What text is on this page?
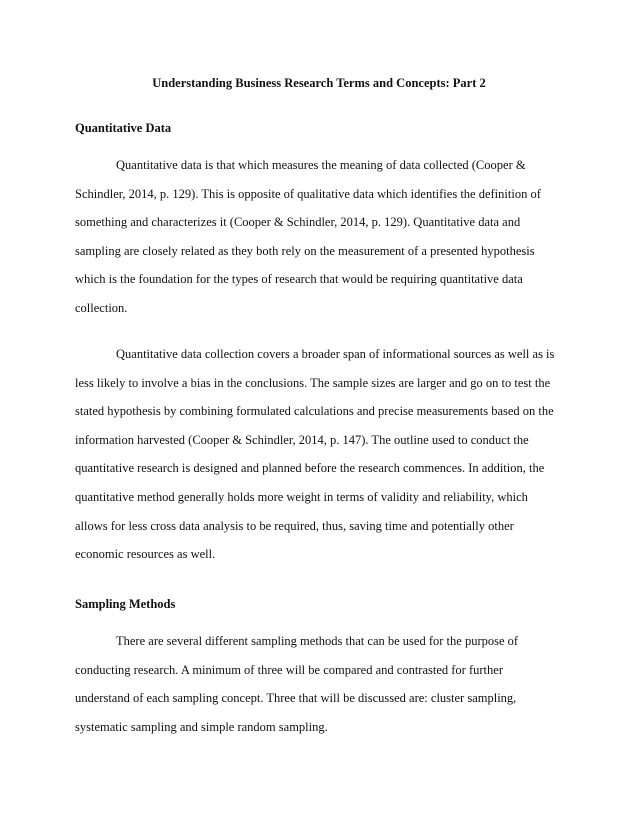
Understanding Business Research Terms and Concepts: Part 2
Quantitative Data

Quantitative data is that which measures the meaning of data collected (Cooper &
Schindler, 2014, p. 129). This is opposite of qualitative data which identifies the definition of
something and characterizes it (Cooper & Schindler, 2014, p. 129). Quantitative data and
sampling are closely related as they both rely on the measurement of a presented hypothesis
which is the foundation for the types of research that would be requiring quantitative data
collection.

Quantitative data collection covers a broader span of informational sources as well as is
less likely to involve a bias in the conclusions. The sample sizes are larger and go on to test the
stated hypothesis by combining formulated calculations and precise measurements based on the
information harvested (Cooper & Schindler, 2014, p. 147). The outline used to conduct the
quantitative research is designed and planned before the research commences. In addition, the
quantitative method generally holds more weight in terms of validity and reliability, which
allows for less cross data analysis to be required, thus, saving time and potentially other
economic resources as well.

Sampling Methods

There are several different sampling methods that can be used for the purpose of
conducting research. A minimum of three will be compared and contrasted for further
understand of each sampling concept. Three that will be discussed are: cluster sampling,
systematic sampling and simple random sampling.
